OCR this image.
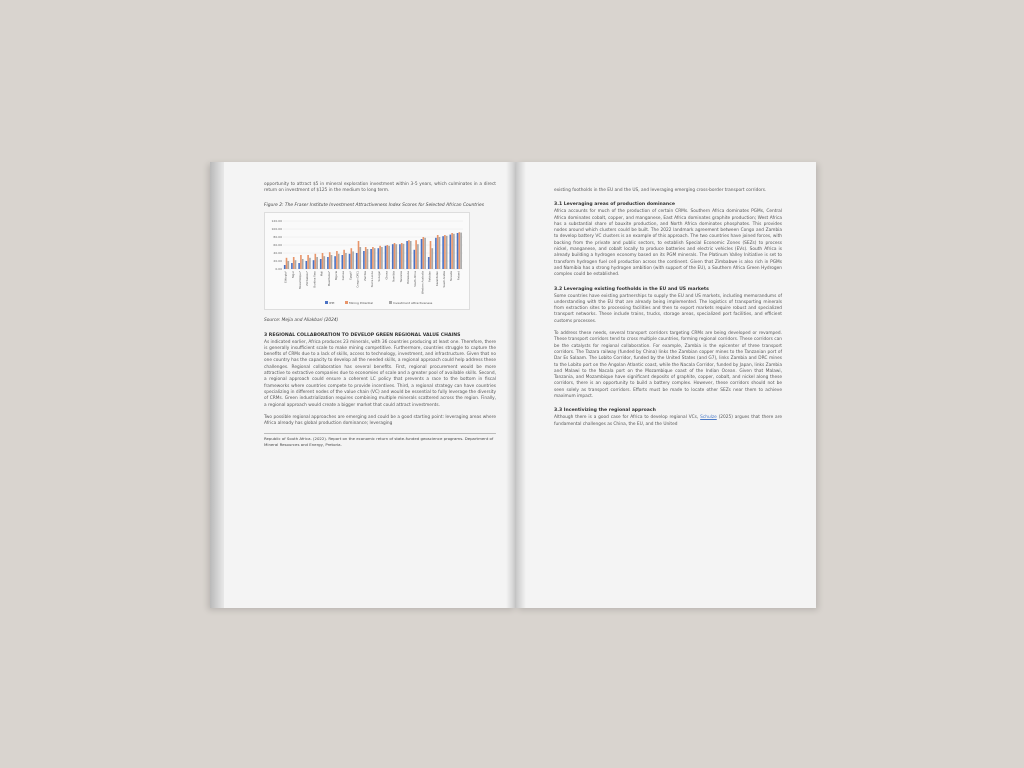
opportunity to attract $5 in mineral exploration investment within 3-5 years, which culminates in a direct return on investment of $125 in the medium to long term.

Figure 2: The Fraser Institute Investment Attractiveness Index Scores for Selected African Countries
120.00
100.00
80.00
60.00
40.00
20.00
0.00
Ethiopia*	Niger	Mozambique*	Zimbabwe*	Burkina Faso	Mali	Mauritania*	Nigeria	Guinea	Egypt*	Congo (DRC)	Zambia	Sierra Leone	Senegal	Ghana	Namibia	Tanzania	Botswana	South Africa	Western Australia	Pakistan	Kazakhstan	Saudi Arabia	Nevada	Finland
IPPI	Mining Potential	Investment attractiveness
Source: Mejia and Aliakbari (2024)
3 REGIONAL COLLABORATION TO DEVELOP GREEN REGIONAL VALUE CHAINS

As indicated earlier, Africa produces 23 minerals, with 36 countries producing at least one. Therefore, there is generally insufficient scale to make mining competitive. Furthermore, countries struggle to capture the benefits of CRMs due to a lack of skills, access to technology, investment, and infrastructure. Given that no one country has the capacity to develop all the needed skills, a regional approach could help address these challenges. Regional collaboration has several benefits. First, regional procurement would be more attractive to extractive companies due to economies of scale and a greater pool of available skills. Second, a regional approach could ensure a coherent LC policy that prevents a race to the bottom in fiscal frameworks where countries compete to provide incentives. Third, a regional strategy can have countries specializing in different nodes of the value chain (VC) and would be essential to fully leverage the diversity of CRMs. Green industrialization requires combining multiple minerals scattered across the region. Finally, a regional approach would create a bigger market that could attract investments.

Two possible regional approaches are emerging and could be a good starting point: leveraging areas where Africa already has global production dominance; leveraging

Republic of South Africa. (2022). Report on the economic return of state-funded geoscience programs. Department of Mineral Resources and Energy, Pretoria.

existing footholds in the EU and the US, and leveraging emerging cross-border transport corridors.

3.1 Leveraging areas of production dominance

Africa accounts for much of the production of certain CRMs. Southern Africa dominates PGMs, Central Africa dominates cobalt, copper, and manganese, East Africa dominates graphite production; West Africa has a substantial share of bauxite production, and North Africa dominates phosphates. This provides nodes around which clusters could be built. The 2022 landmark agreement between Congo and Zambia to develop battery VC clusters is an example of this approach. The two countries have joined forces, with backing from the private and public sectors, to establish Special Economic Zones (SEZs) to process nickel, manganese, and cobalt locally to produce batteries and electric vehicles (EVs). South Africa is already building a hydrogen economy based on its PGM minerals. The Platinum Valley Initiative is set to transform hydrogen fuel cell production across the continent. Given that Zimbabwe is also rich in PGMs and Namibia has a strong hydrogen ambition (with support of the EU), a Southern Africa Green Hydrogen complex could be established.

3.2 Leveraging existing footholds in the EU and US markets

Some countries have existing partnerships to supply the EU and US markets, including memorandums of understanding with the EU that are already being implemented. The logistics of transporting minerals from extraction sites to processing facilities and then to export markets require robust and specialized transport networks. These include trains, trucks, storage areas, specialized port facilities, and efficient customs processes.

To address these needs, several transport corridors targeting CRMs are being developed or revamped. These transport corridors tend to cross multiple countries, forming regional corridors. These corridors can be the catalysts for regional collaboration. For example, Zambia is the epicenter of three transport corridors. The Tazara railway (funded by China) links the Zambian copper mines to the Tanzanian port of Dar Es Salaam. The Lobito Corridor, funded by the United States (and G7), links Zambia and DRC mines to the Lobito port on the Angolan Atlantic coast, while the Nacala Corridor, funded by Japan, links Zambia and Malawi to the Nacala port on the Mozambique coast of the Indian Ocean. Given that Malawi, Tanzania, and Mozambique have significant deposits of graphite, copper, cobalt, and nickel along these corridors, there is an opportunity to build a battery complex. However, these corridors should not be seen solely as transport corridors. Efforts must be made to locate other SEZs near them to achieve maximum impact.

3.3 Incentivizing the regional approach

Although there is a good case for Africa to develop regional VCs, Schulze (2025) argues that there are fundamental challenges as China, the EU, and the United
